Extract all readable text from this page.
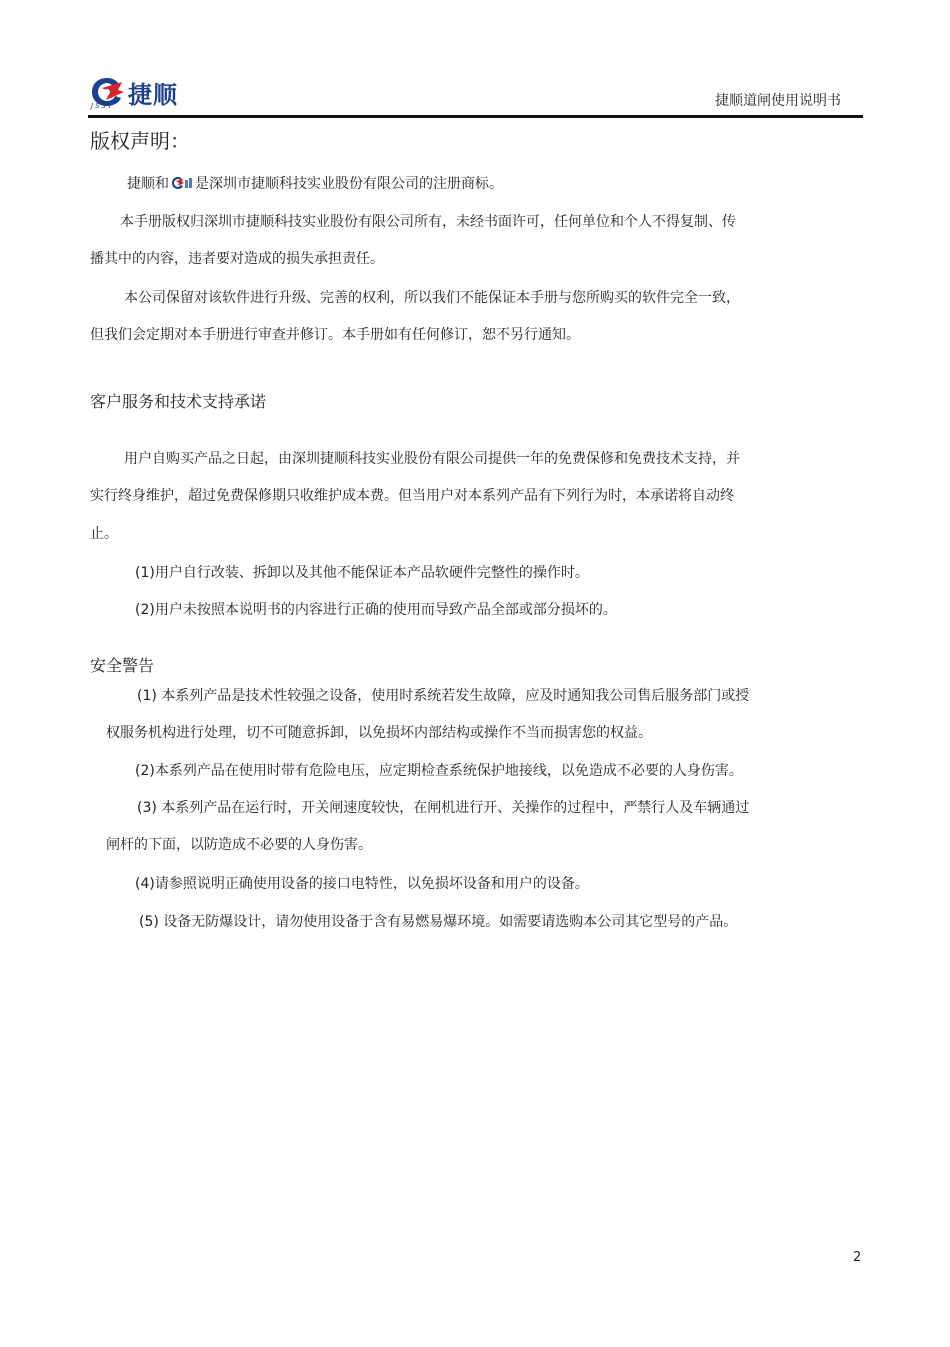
捷顺
JSST	捷顺道闸使用说明书
版权声明：
捷顺和 是深圳市捷顺科技实业股份有限公司的注册商标。
本手册版权归深圳市捷顺科技实业股份有限公司所有，未经书面许可，任何单位和个人不得复制、传
播其中的内容，违者要对造成的损失承担责任。
本公司保留对该软件进行升级、完善的权利，所以我们不能保证本手册与您所购买的软件完全一致，
但我们会定期对本手册进行审查并修订。本手册如有任何修订，恕不另行通知。
客户服务和技术支持承诺
用户自购买产品之日起，由深圳捷顺科技实业股份有限公司提供一年的免费保修和免费技术支持，并
实行终身维护，超过免费保修期只收维护成本费。但当用户对本系列产品有下列行为时，本承诺将自动终
止。
(1)用户自行改装、拆卸以及其他不能保证本产品软硬件完整性的操作时。
(2)用户未按照本说明书的内容进行正确的使用而导致产品全部或部分损坏的。
安全警告
(1) 本系列产品是技术性较强之设备，使用时系统若发生故障，应及时通知我公司售后服务部门或授
权服务机构进行处理，切不可随意拆卸，以免损坏内部结构或操作不当而损害您的权益。
(2)本系列产品在使用时带有危险电压，应定期检查系统保护地接线，以免造成不必要的人身伤害。
(3) 本系列产品在运行时，开关闸速度较快，在闸机进行开、关操作的过程中，严禁行人及车辆通过
闸杆的下面，以防造成不必要的人身伤害。
(4)请参照说明正确使用设备的接口电特性，以免损坏设备和用户的设备。
(5) 设备无防爆设计，请勿使用设备于含有易燃易爆环境。如需要请选购本公司其它型号的产品。
2
